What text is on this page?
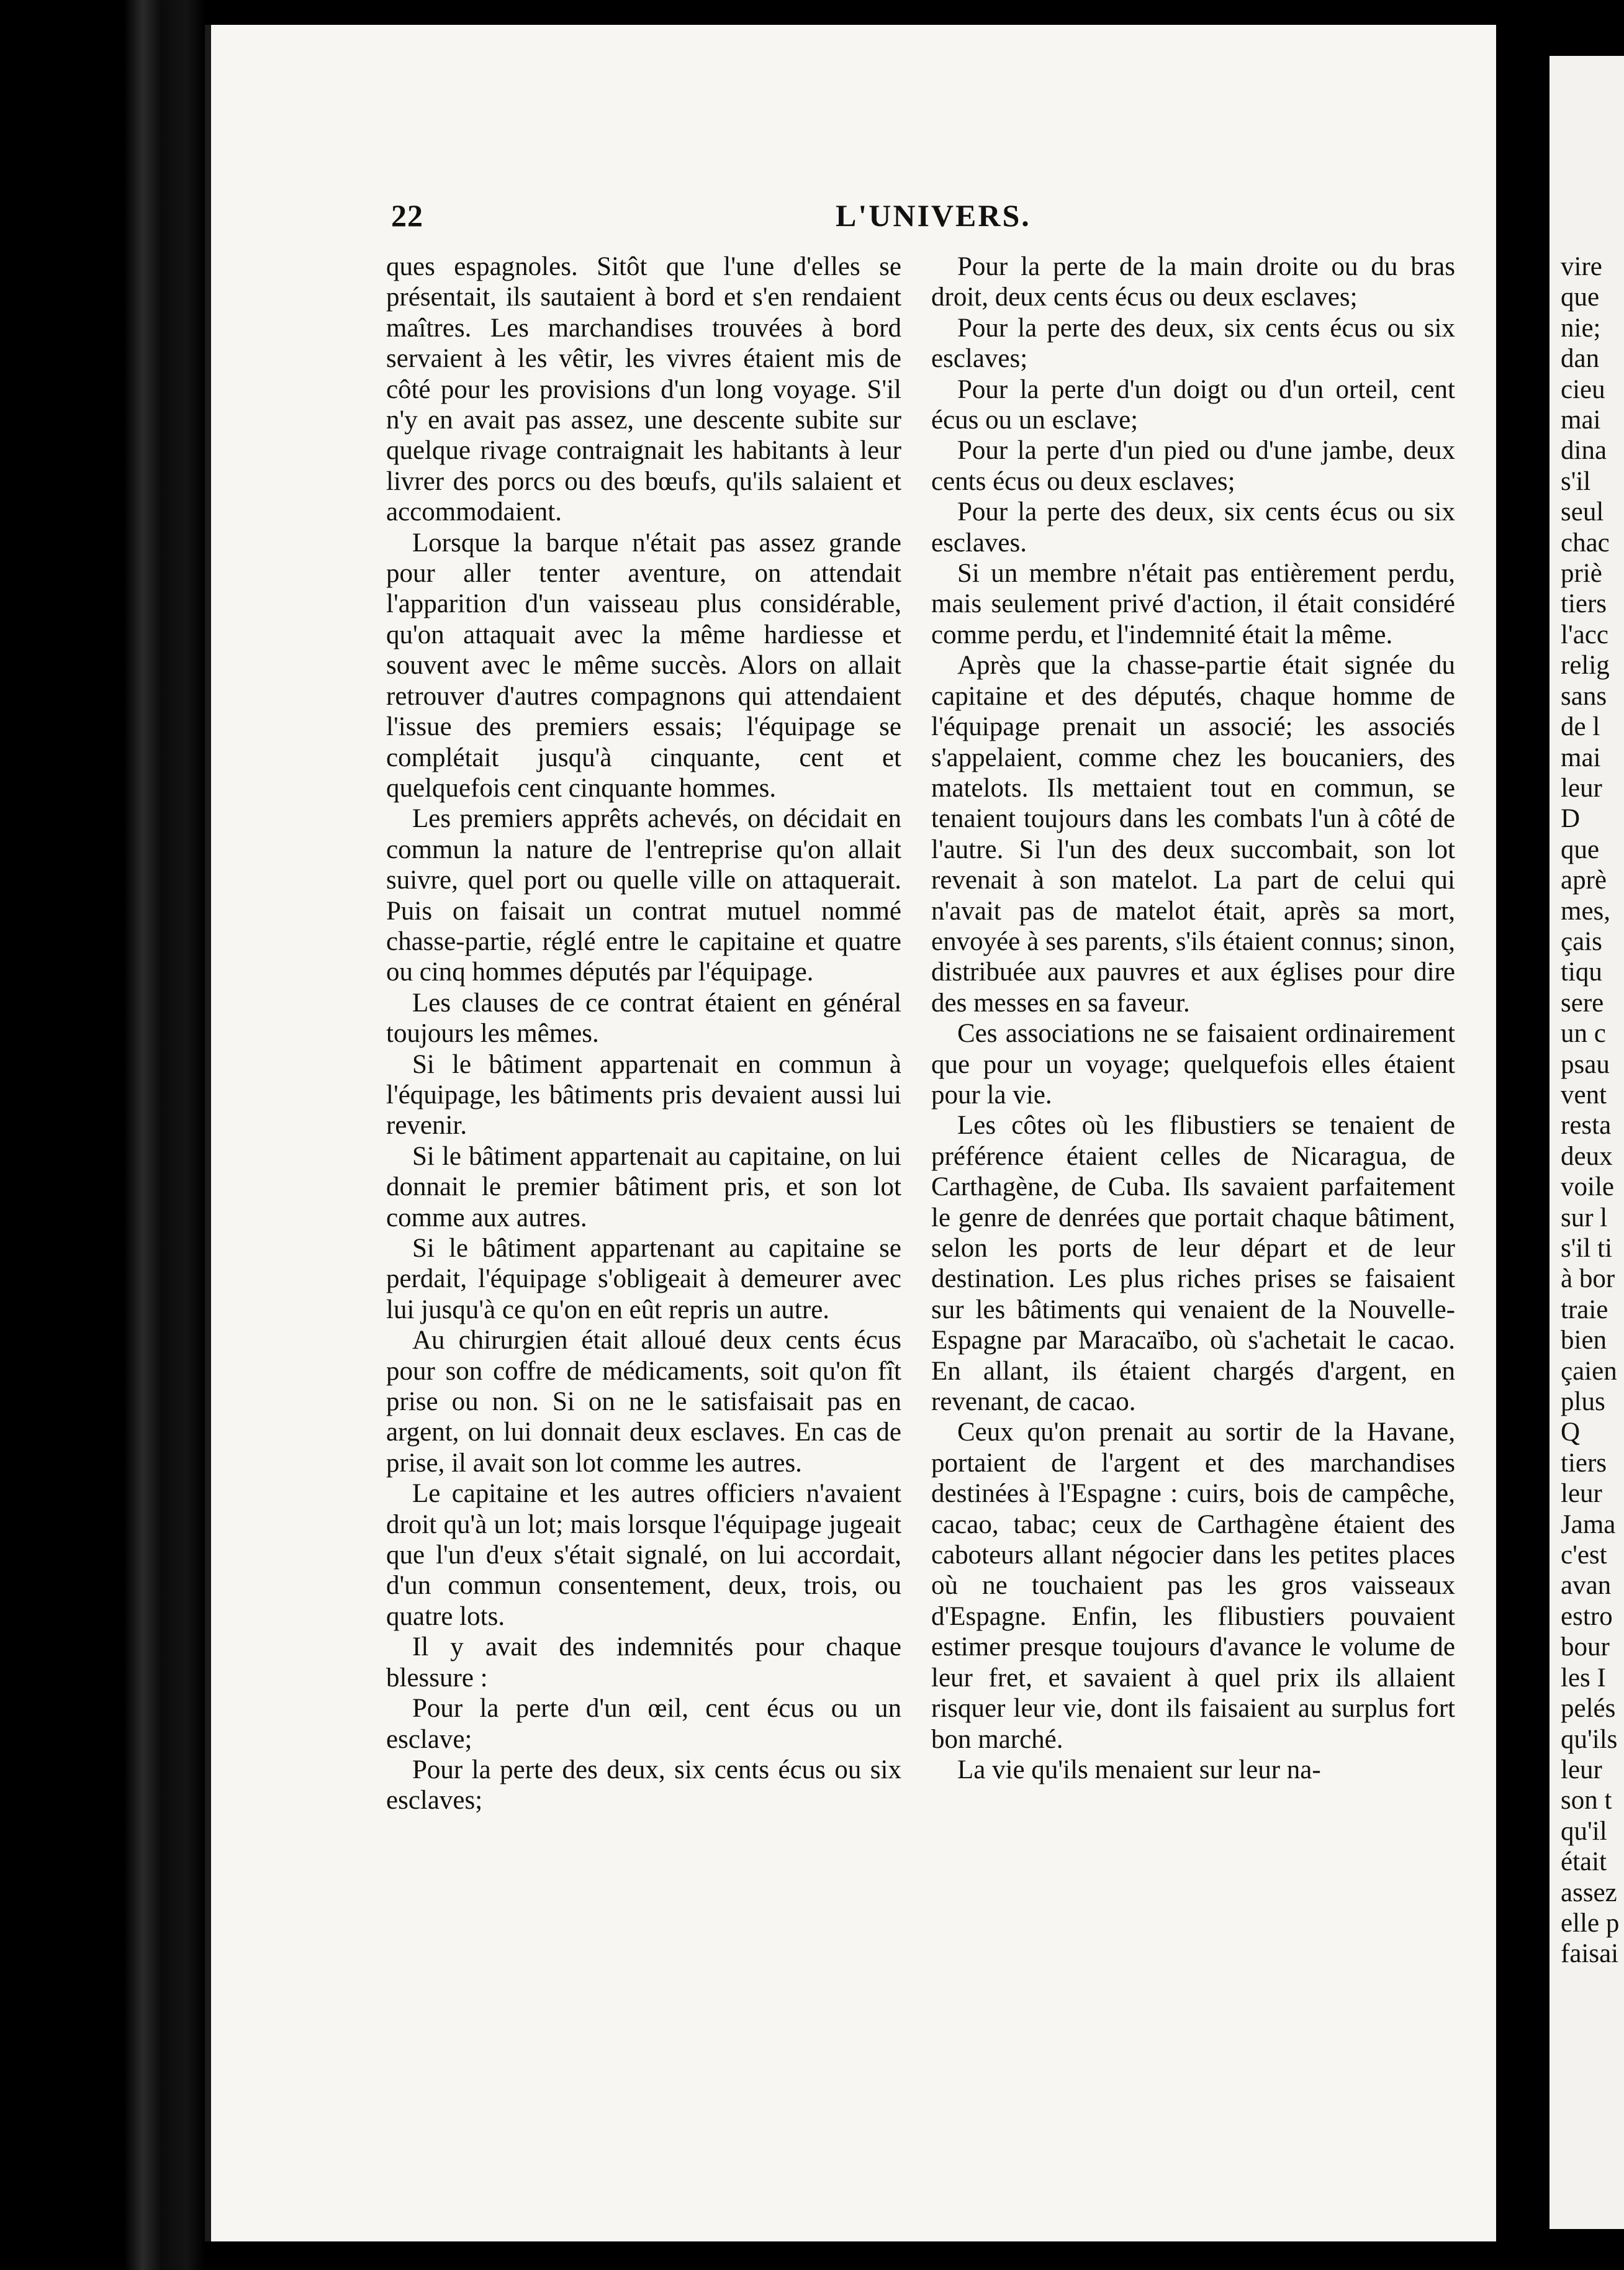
vire
que
nie;
dan
cieu
mai
dina
s'il
seul
chac
priè
tiers
l'acc
relig
sans
de l
mai
leur
D
que
aprè
mes,
çais
tiqu
sere
un c
psau
vent
resta
deux
voile
sur l
s'il ti
à bor
traie
bien
çaien
plus
Q
tiers
leur
Jama
c'est
avan
estro
bour
les I
pelés
qu'ils
leur
son t
qu'il
était
assez
elle p
faisai
22	L'UNIVERS.

ques espagnoles. Sitôt que l'une d'elles se présentait, ils sautaient à bord et s'en rendaient maîtres. Les marchandises trouvées à bord servaient à les vêtir, les vivres étaient mis de côté pour les provisions d'un long voyage. S'il n'y en avait pas assez, une descente subite sur quelque rivage contraignait les habitants à leur livrer des porcs ou des bœufs, qu'ils salaient et accommodaient.

Lorsque la barque n'était pas assez grande pour aller tenter aventure, on attendait l'apparition d'un vaisseau plus considérable, qu'on attaquait avec la même hardiesse et souvent avec le même succès. Alors on allait retrouver d'autres compagnons qui attendaient l'issue des premiers essais; l'équipage se complétait jusqu'à cinquante, cent et quelquefois cent cinquante hommes.

Les premiers apprêts achevés, on décidait en commun la nature de l'entreprise qu'on allait suivre, quel port ou quelle ville on attaquerait. Puis on faisait un contrat mutuel nommé chasse-partie, réglé entre le capitaine et quatre ou cinq hommes députés par l'équipage.

Les clauses de ce contrat étaient en général toujours les mêmes.

Si le bâtiment appartenait en commun à l'équipage, les bâtiments pris devaient aussi lui revenir.

Si le bâtiment appartenait au capitaine, on lui donnait le premier bâtiment pris, et son lot comme aux autres.

Si le bâtiment appartenant au capitaine se perdait, l'équipage s'obligeait à demeurer avec lui jusqu'à ce qu'on en eût repris un autre.

Au chirurgien était alloué deux cents écus pour son coffre de médicaments, soit qu'on fît prise ou non. Si on ne le satisfaisait pas en argent, on lui donnait deux esclaves. En cas de prise, il avait son lot comme les autres.

Le capitaine et les autres officiers n'avaient droit qu'à un lot; mais lorsque l'équipage jugeait que l'un d'eux s'était signalé, on lui accordait, d'un commun consentement, deux, trois, ou quatre lots.

Il y avait des indemnités pour chaque blessure :

Pour la perte d'un œil, cent écus ou un esclave;

Pour la perte des deux, six cents écus ou six esclaves;

Pour la perte de la main droite ou du bras droit, deux cents écus ou deux esclaves;

Pour la perte des deux, six cents écus ou six esclaves;

Pour la perte d'un doigt ou d'un orteil, cent écus ou un esclave;

Pour la perte d'un pied ou d'une jambe, deux cents écus ou deux esclaves;

Pour la perte des deux, six cents écus ou six esclaves.

Si un membre n'était pas entièrement perdu, mais seulement privé d'action, il était considéré comme perdu, et l'indemnité était la même.

Après que la chasse-partie était signée du capitaine et des députés, chaque homme de l'équipage prenait un associé; les associés s'appelaient, comme chez les boucaniers, des matelots. Ils mettaient tout en commun, se tenaient toujours dans les combats l'un à côté de l'autre. Si l'un des deux succombait, son lot revenait à son matelot. La part de celui qui n'avait pas de matelot était, après sa mort, envoyée à ses parents, s'ils étaient connus; sinon, distribuée aux pauvres et aux églises pour dire des messes en sa faveur.

Ces associations ne se faisaient ordinairement que pour un voyage; quelquefois elles étaient pour la vie.

Les côtes où les flibustiers se tenaient de préférence étaient celles de Nicaragua, de Carthagène, de Cuba. Ils savaient parfaitement le genre de denrées que portait chaque bâtiment, selon les ports de leur départ et de leur destination. Les plus riches prises se faisaient sur les bâtiments qui venaient de la Nouvelle-Espagne par Maracaïbo, où s'achetait le cacao. En allant, ils étaient chargés d'argent, en revenant, de cacao.

Ceux qu'on prenait au sortir de la Havane, portaient de l'argent et des marchandises destinées à l'Espagne : cuirs, bois de campêche, cacao, tabac; ceux de Carthagène étaient des caboteurs allant négocier dans les petites places où ne touchaient pas les gros vaisseaux d'Espagne. Enfin, les flibustiers pouvaient estimer presque toujours d'avance le volume de leur fret, et savaient à quel prix ils allaient risquer leur vie, dont ils faisaient au surplus fort bon marché.

La vie qu'ils menaient sur leur na-
